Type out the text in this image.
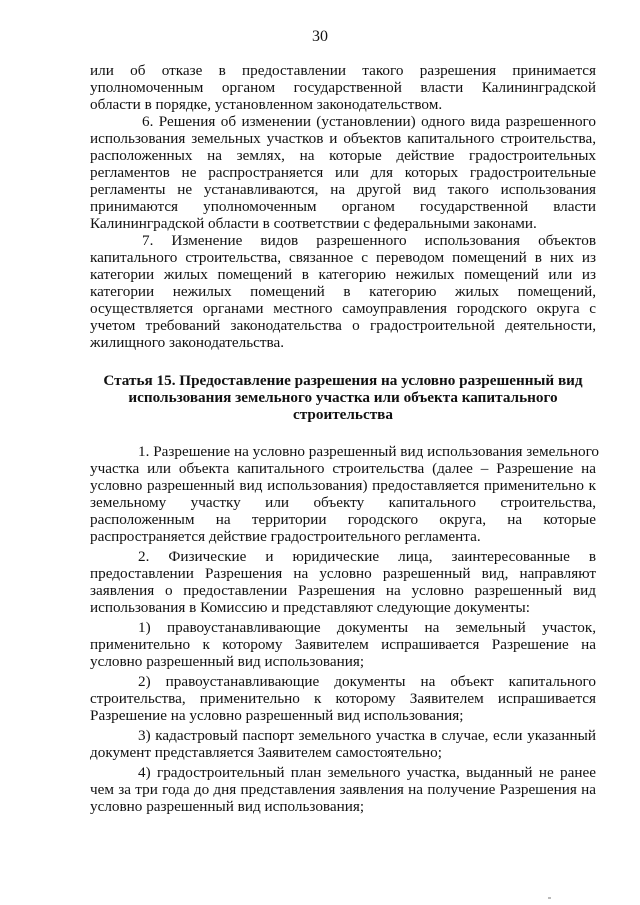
30
или об отказе в предоставлении такого разрешения принимается
уполномоченным органом государственной власти Калининградской
области в порядке, установленном законодательством.
6. Решения об изменении (установлении) одного вида разрешенного
использования земельных участков и объектов капитального строительства,
расположенных на землях, на которые действие градостроительных
регламентов не распространяется или для которых градостроительные
регламенты не устанавливаются, на другой вид такого использования
принимаются уполномоченным органом государственной власти
Калининградской области в соответствии с федеральными законами.
7. Изменение видов разрешенного использования объектов
капитального строительства, связанное с переводом помещений в них из
категории жилых помещений в категорию нежилых помещений или из
категории нежилых помещений в категорию жилых помещений,
осуществляется органами местного самоуправления городского округа с
учетом требований законодательства о градостроительной деятельности,
жилищного законодательства.
Статья 15. Предоставление разрешения на условно разрешенный вид
использования земельного участка или объекта капитального
строительства
1. Разрешение на условно разрешенный вид использования земельного
участка или объекта капитального строительства (далее – Разрешение на
условно разрешенный вид использования) предоставляется применительно к
земельному участку или объекту капитального строительства,
расположенным на территории городского округа, на которые
распространяется действие градостроительного регламента.
2. Физические и юридические лица, заинтересованные в
предоставлении Разрешения на условно разрешенный вид, направляют
заявления о предоставлении Разрешения на условно разрешенный вид
использования в Комиссию и представляют следующие документы:
1) правоустанавливающие документы на земельный участок,
применительно к которому Заявителем испрашивается Разрешение на
условно разрешенный вид использования;
2) правоустанавливающие документы на объект капитального
строительства, применительно к которому Заявителем испрашивается
Разрешение на условно разрешенный вид использования;
3) кадастровый паспорт земельного участка в случае, если указанный
документ представляется Заявителем самостоятельно;
4) градостроительный план земельного участка, выданный не ранее
чем за три года до дня представления заявления на получение Разрешения на
условно разрешенный вид использования;
